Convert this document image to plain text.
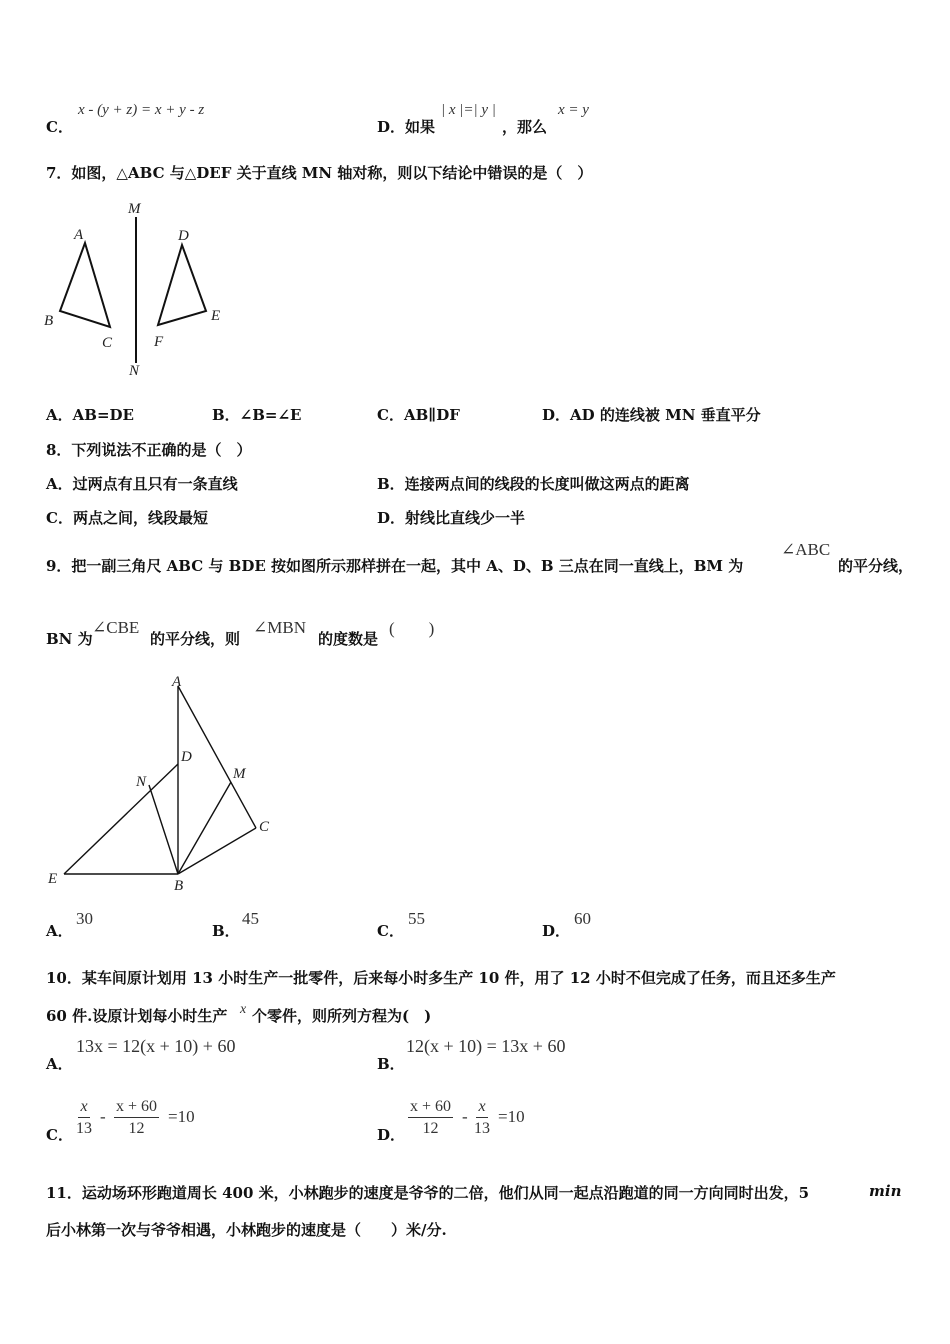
C．
x - (y + z) = x + y - z
D．如果
| x |=| y |
，那么
x = y
7．如图，△ABC 与△DEF 关于直线 MN 轴对称，则以下结论中错误的是（　）
M
N
A
B
C
D
E
F
A．AB=DE	B．∠B=∠E	C．AB∥DF	D．AD 的连线被 MN 垂直平分
8．下列说法不正确的是（　）
A．过两点有且只有一条直线	B．连接两点间的线段的长度叫做这两点的距离
C．两点之间，线段最短	D．射线比直线少一半
9．把一副三角尺 ABC 与 BDE 按如图所示那样拼在一起，其中 A、D、B 三点在同一直线上，BM 为
∠ABC
的平分线，
BN 为
∠CBE
的平分线，则
∠MBN
的度数是
(　　)
A
D
N	M
C
E	B
A．
30
B．
45
C．
55
D．
60
10．某车间原计划用 13 小时生产一批零件，后来每小时多生产 10 件，用了 12 小时不但完成了任务，而且还多生产
60 件.设原计划每小时生产 x 个零件，则所列方程为(　)
A．
13x = 12(x + 10) + 60
B．
12(x + 10) = 13x + 60
C． $\frac{x}{13} - \frac{x + 60}{12} =10$
D． $\frac{x + 60}{12} - \frac{x}{13} =10$
11．运动场环形跑道周长 400 米，小林跑步的速度是爷爷的二倍，他们从同一起点沿跑道的同一方向同时出发，5	min
后小林第一次与爷爷相遇，小林跑步的速度是（　　）米/分.
